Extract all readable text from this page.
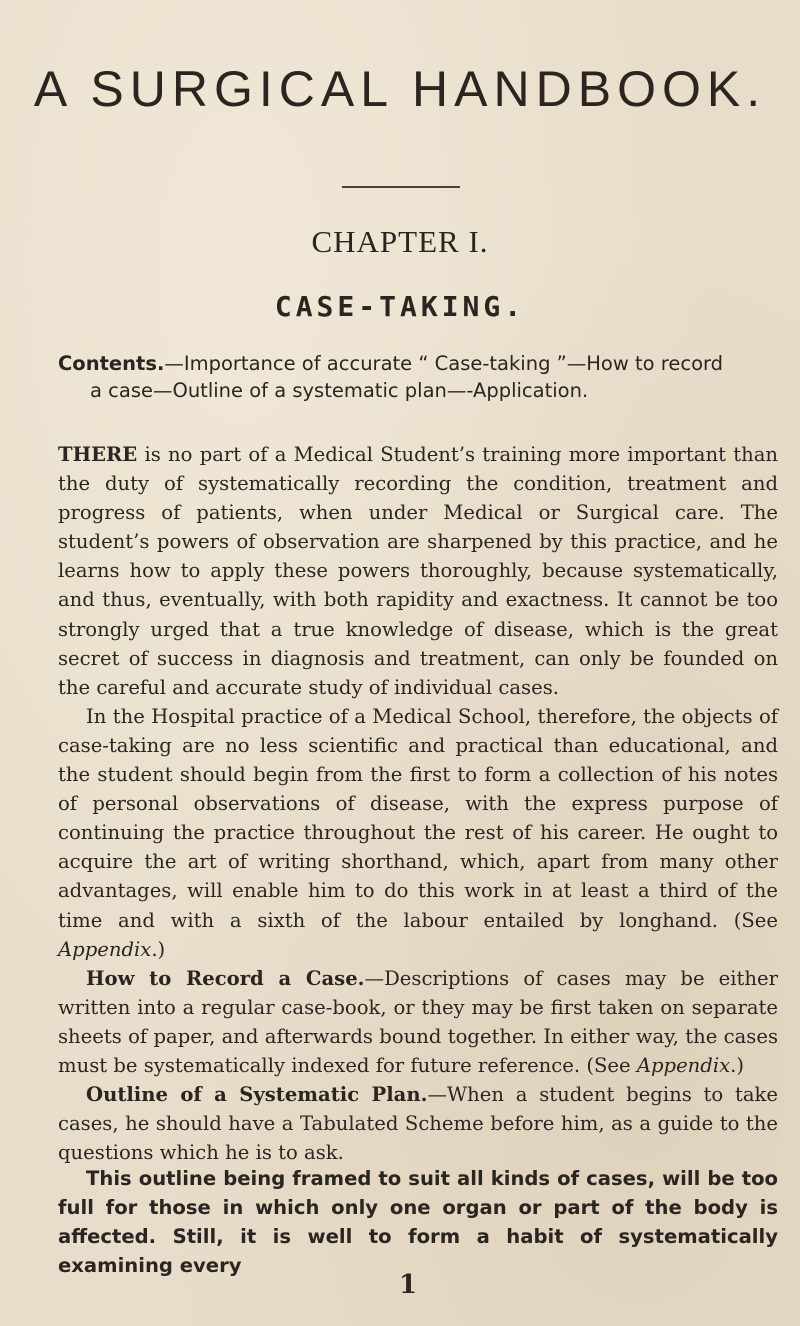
A SURGICAL HANDBOOK.
CHAPTER I.
CASE-TAKING.
Contents.—Importance of accurate “ Case-taking ”—How to record
a case—Outline of a systematic plan—-Application.

THERE is no part of a Medical Student’s training more important than the duty of systematically recording the condition, treatment and progress of patients, when under Medical or Surgical care. The student’s powers of observation are sharpened by this practice, and he learns how to apply these powers thoroughly, because systematically, and thus, eventually, with both rapidity and exactness. It cannot be too strongly urged that a true knowledge of disease, which is the great secret of success in diagnosis and treatment, can only be founded on the careful and accurate study of individual cases.

In the Hospital practice of a Medical School, therefore, the objects of case-taking are no less scientific and practical than educational, and the student should begin from the first to form a collection of his notes of personal observations of disease, with the express purpose of continuing the practice throughout the rest of his career. He ought to acquire the art of writing shorthand, which, apart from many other advantages, will enable him to do this work in at least a third of the time and with a sixth of the labour entailed by longhand. (See Appendix.)

How to Record a Case.—Descriptions of cases may be either written into a regular case-book, or they may be first taken on separate sheets of paper, and afterwards bound together. In either way, the cases must be systematically indexed for future reference. (See Appendix.)

Outline of a Systematic Plan.—When a student begins to take cases, he should have a Tabulated Scheme before him, as a guide to the questions which he is to ask.

This outline being framed to suit all kinds of cases, will be too full for those in which only one organ or part of the body is affected. Still, it is well to form a habit of systematically examining every

1
